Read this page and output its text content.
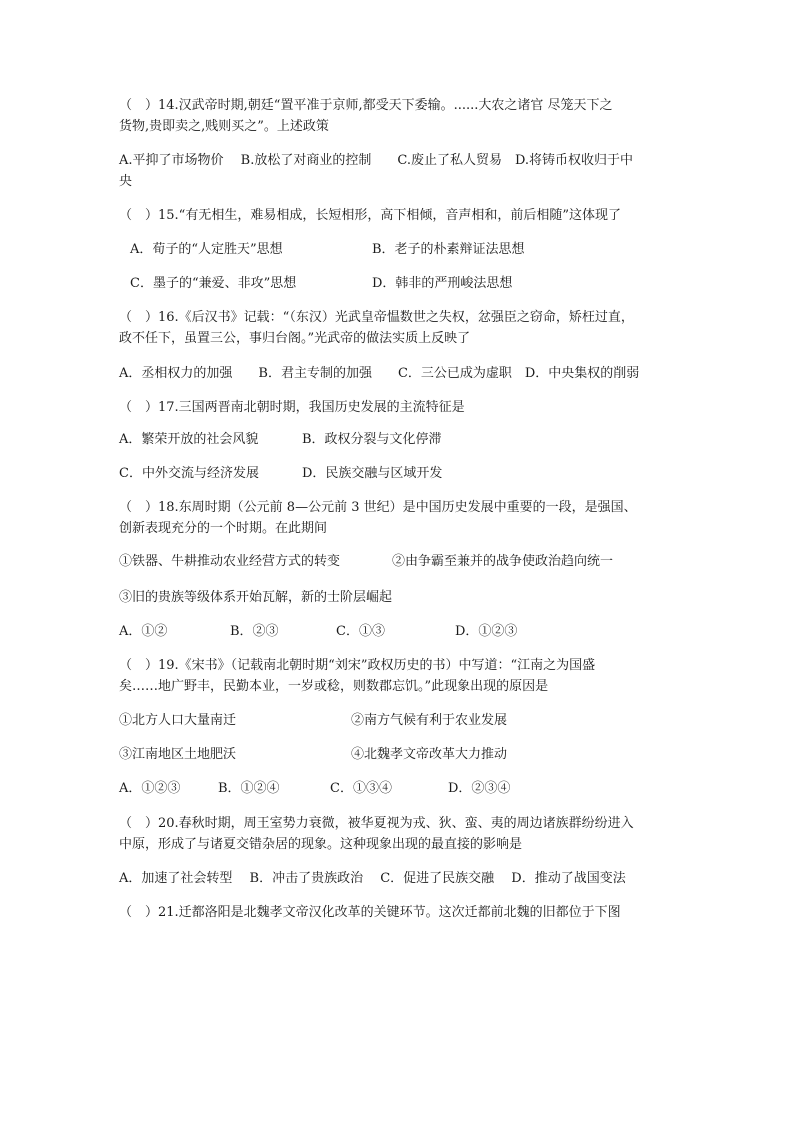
（　）14.汉武帝时期,朝廷“置平准于京师,都受天下委输。......大农之诸官 尽笼天下之
货物,贵即卖之,贱则买之”。上述政策
A.平抑了市场物价　 B.放松了对商业的控制　　C.废止了私人贸易　D.将铸币权收归于中
央
（　）15.“有无相生，难易相成，长短相形，高下相倾，音声相和，前后相随”这体现了
A．荀子的“人定胜天”思想	B．老子的朴素辩证法思想
C．墨子的“兼爱、非攻”思想	D．韩非的严刑峻法思想
（　）16.《后汉书》记载：“（东汉）光武皇帝愠数世之失权，忿强臣之窃命，矫枉过直，
政不任下，虽置三公，事归台阁。”光武帝的做法实质上反映了
A．丞相权力的加强　　B．君主专制的加强　　C．三公已成为虚职　D．中央集权的削弱
（　）17.三国两晋南北朝时期，我国历史发展的主流特征是
A．繁荣开放的社会风貌	B．政权分裂与文化停滞
C．中外交流与经济发展	D．民族交融与区域开发
（　）18.东周时期（公元前 8—公元前 3 世纪）是中国历史发展中重要的一段，是强国、
创新表现充分的一个时期。在此期间
①铁器、牛耕推动农业经营方式的转变	②由争霸至兼并的战争使政治趋向统一
③旧的贵族等级体系开始瓦解，新的士阶层崛起
A．①②	B．②③	C．①③	D．①②③
（　）19.《宋书》（记载南北朝时期“刘宋”政权历史的书）中写道：“江南之为国盛
矣……地广野丰，民勤本业，一岁或稔，则数郡忘饥。”此现象出现的原因是
①北方人口大量南迁	②南方气候有利于农业发展
③江南地区土地肥沃	④北魏孝文帝改革大力推动
A．①②③	B．①②④	C．①③④	D．②③④
（　）20.春秋时期，周王室势力衰微，被华夏视为戎、狄、蛮、夷的周边诸族群纷纷进入
中原，形成了与诸夏交错杂居的现象。这种现象出现的最直接的影响是
A．加速了社会转型　 B．冲击了贵族政治　 C．促进了民族交融　 D．推动了战国变法
（　）21.迁都洛阳是北魏孝文帝汉化改革的关键环节。这次迁都前北魏的旧都位于下图
